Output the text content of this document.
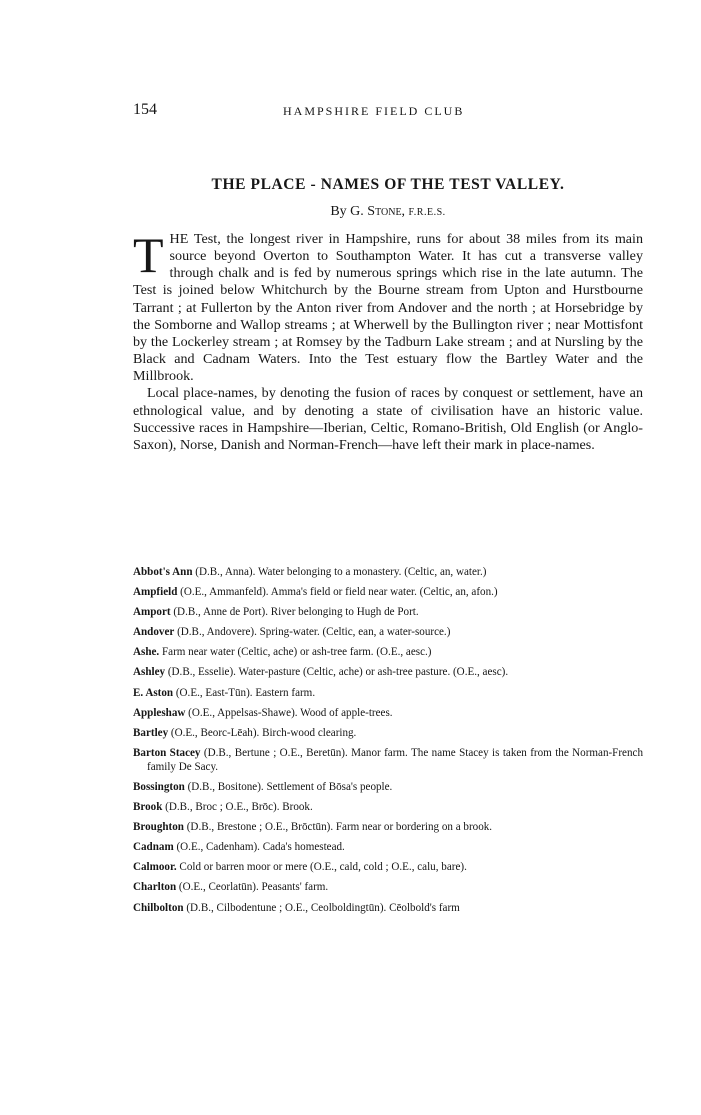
154	HAMPSHIRE FIELD CLUB
THE PLACE - NAMES OF THE TEST VALLEY.
By G. Stone, F.R.E.S.

THE Test, the longest river in Hampshire, runs for about 38 miles from its main source beyond Overton to Southampton Water. It has cut a transverse valley through chalk and is fed by numerous springs which rise in the late autumn. The Test is joined below Whitchurch by the Bourne stream from Upton and Hurstbourne Tarrant ; at Fullerton by the Anton river from Andover and the north ; at Horsebridge by the Somborne and Wallop streams ; at Wherwell by the Bullington river ; near Mottisfont by the Lockerley stream ; at Romsey by the Tadburn Lake stream ; and at Nursling by the Black and Cadnam Waters. Into the Test estuary flow the Bartley Water and the Millbrook.

Local place-names, by denoting the fusion of races by conquest or settlement, have an ethnological value, and by denoting a state of civilisation have an historic value. Successive races in Hampshire—Iberian, Celtic, Romano-British, Old English (or Anglo-Saxon), Norse, Danish and Norman-French—have left their mark in place-names.

Abbot's Ann (D.B., Anna). Water belonging to a monastery. (Celtic, an, water.)
Ampfield (O.E., Ammanfeld). Amma's field or field near water. (Celtic, an, afon.)
Amport (D.B., Anne de Port). River belonging to Hugh de Port.
Andover (D.B., Andovere). Spring-water. (Celtic, ean, a water-source.)
Ashe. Farm near water (Celtic, ache) or ash-tree farm. (O.E., aesc.)
Ashley (D.B., Esselie). Water-pasture (Celtic, ache) or ash-tree pasture. (O.E., aesc).
E. Aston (O.E., East-Tūn). Eastern farm.
Appleshaw (O.E., Appelsas-Shawe). Wood of apple-trees.
Bartley (O.E., Beorc-Lēah). Birch-wood clearing.
Barton Stacey (D.B., Bertune ; O.E., Beretūn). Manor farm. The name Stacey is taken from the Norman-French family De Sacy.
Bossington (D.B., Bositone). Settlement of Bōsa's people.
Brook (D.B., Broc ; O.E., Brōc). Brook.
Broughton (D.B., Brestone ; O.E., Brōctūn). Farm near or bordering on a brook.
Cadnam (O.E., Cadenham). Cada's homestead.
Calmoor. Cold or barren moor or mere (O.E., cald, cold ; O.E., calu, bare).
Charlton (O.E., Ceorlatūn). Peasants' farm.
Chilbolton (D.B., Cilbodentune ; O.E., Ceolboldingtūn). Cēolbold's farm
